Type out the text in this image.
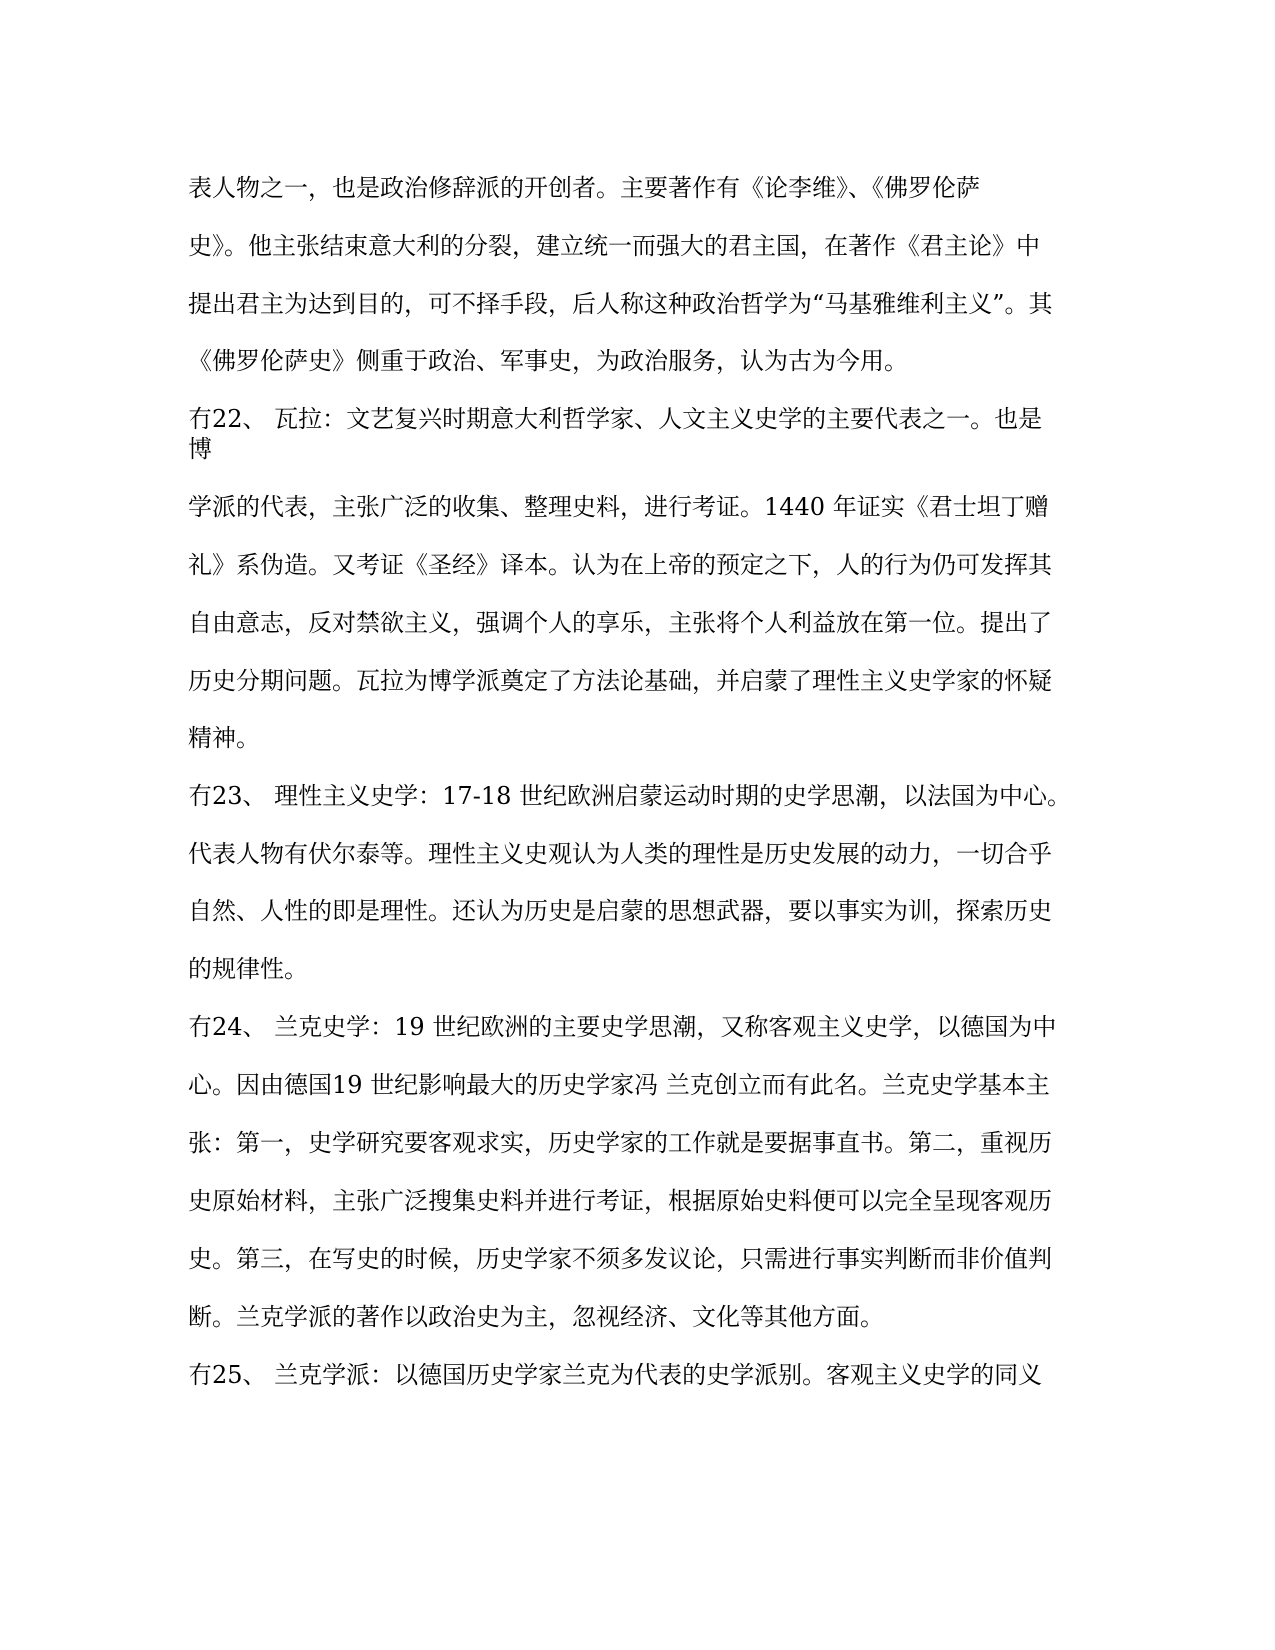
表人物之一，也是政治修辞派的开创者。主要著作有《论李维》、《佛罗伦萨
史》。他主张结束意大利的分裂，建立统一而强大的君主国，在著作《君主论》中
提出君主为达到目的，可不择手段，后人称这种政治哲学为“马基雅维利主义”。其
《佛罗伦萨史》侧重于政治、军事史，为政治服务，认为古为今用。
冇22、 瓦拉：文艺复兴时期意大利哲学家、人文主义史学的主要代表之一。也是
博
学派的代表，主张广泛的收集、整理史料，进行考证。1440 年证实《君士坦丁赠
礼》系伪造。又考证《圣经》译本。认为在上帝的预定之下，人的行为仍可发挥其
自由意志，反对禁欲主义，强调个人的享乐，主张将个人利益放在第一位。提出了
历史分期问题。瓦拉为博学派奠定了方法论基础，并启蒙了理性主义史学家的怀疑
精神。
冇23、 理性主义史学：17-18 世纪欧洲启蒙运动时期的史学思潮，以法国为中心。
代表人物有伏尔泰等。理性主义史观认为人类的理性是历史发展的动力，一切合乎
自然、人性的即是理性。还认为历史是启蒙的思想武器，要以事实为训，探索历史
的规律性。
冇24、 兰克史学：19 世纪欧洲的主要史学思潮，又称客观主义史学，以德国为中
心。因由德国19 世纪影响最大的历史学家冯 兰克创立而有此名。兰克史学基本主
张：第一，史学研究要客观求实，历史学家的工作就是要据事直书。第二，重视历
史原始材料，主张广泛搜集史料并进行考证，根据原始史料便可以完全呈现客观历
史。第三，在写史的时候，历史学家不须多发议论，只需进行事实判断而非价值判
断。兰克学派的著作以政治史为主，忽视经济、文化等其他方面。
冇25、 兰克学派：以德国历史学家兰克为代表的史学派别。客观主义史学的同义
